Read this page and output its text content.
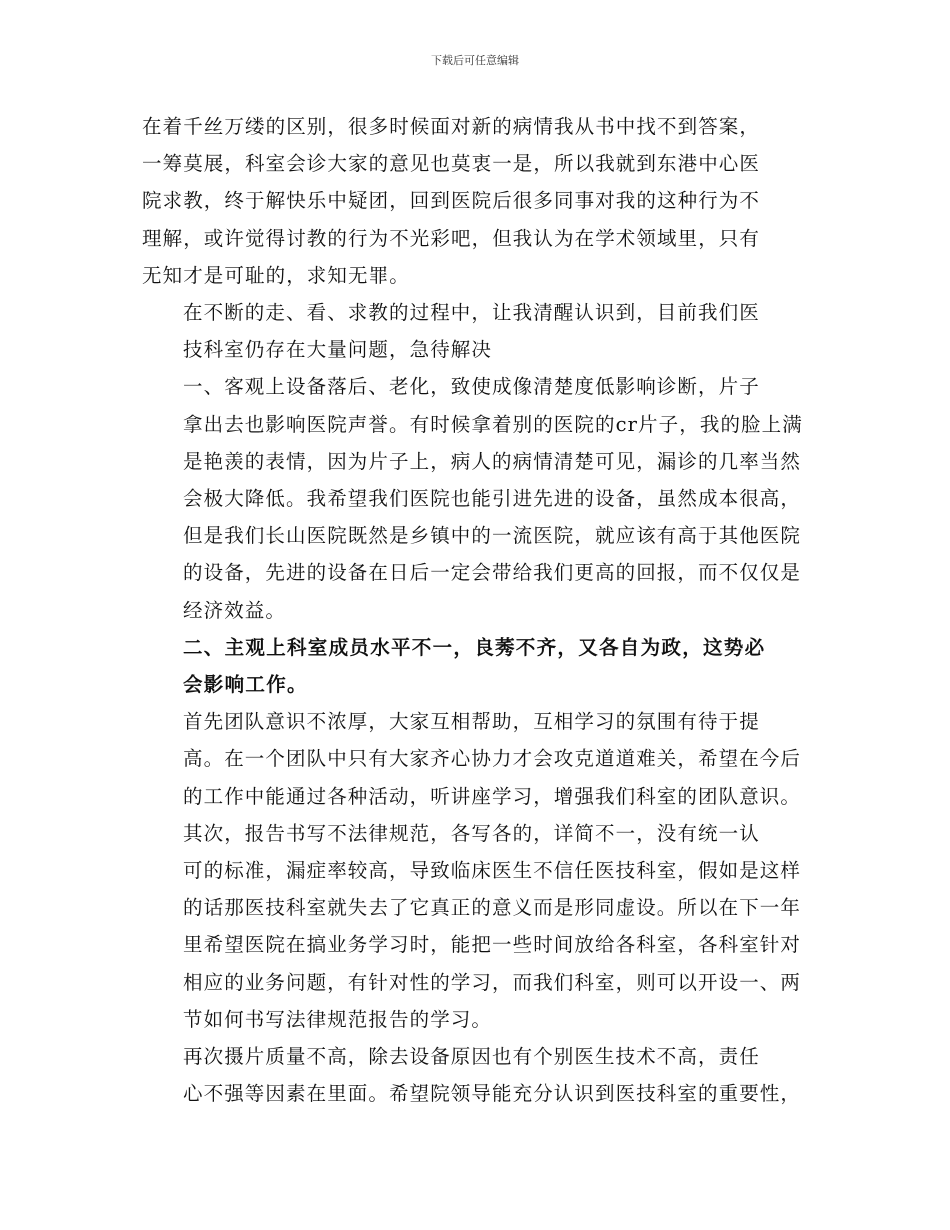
下载后可任意编辑

在着千丝万缕的区别，很多时候面对新的病情我从书中找不到答案，
一筹莫展，科室会诊大家的意见也莫衷一是，所以我就到东港中心医
院求教，终于解快乐中疑团，回到医院后很多同事对我的这种行为不
理解，或许觉得讨教的行为不光彩吧，但我认为在学术领域里，只有
无知才是可耻的，求知无罪。

在不断的走、看、求教的过程中，让我清醒认识到，目前我们医
技科室仍存在大量问题，急待解决

一、客观上设备落后、老化，致使成像清楚度低影响诊断，片子
拿出去也影响医院声誉。有时候拿着别的医院的cr片子，我的脸上满
是艳羡的表情，因为片子上，病人的病情清楚可见，漏诊的几率当然
会极大降低。我希望我们医院也能引进先进的设备，虽然成本很高，
但是我们长山医院既然是乡镇中的一流医院，就应该有高于其他医院
的设备，先进的设备在日后一定会带给我们更高的回报，而不仅仅是
经济效益。

二、主观上科室成员水平不一，良莠不齐，又各自为政，这势必
会影响工作。

首先团队意识不浓厚，大家互相帮助，互相学习的氛围有待于提
高。在一个团队中只有大家齐心协力才会攻克道道难关，希望在今后
的工作中能通过各种活动，听讲座学习，增强我们科室的团队意识。

其次，报告书写不法律规范，各写各的，详简不一，没有统一认
可的标准，漏症率较高，导致临床医生不信任医技科室，假如是这样
的话那医技科室就失去了它真正的意义而是形同虚设。所以在下一年
里希望医院在搞业务学习时，能把一些时间放给各科室，各科室针对
相应的业务问题，有针对性的学习，而我们科室，则可以开设一、两
节如何书写法律规范报告的学习。

再次摄片质量不高，除去设备原因也有个别医生技术不高，责任
心不强等因素在里面。希望院领导能充分认识到医技科室的重要性，
